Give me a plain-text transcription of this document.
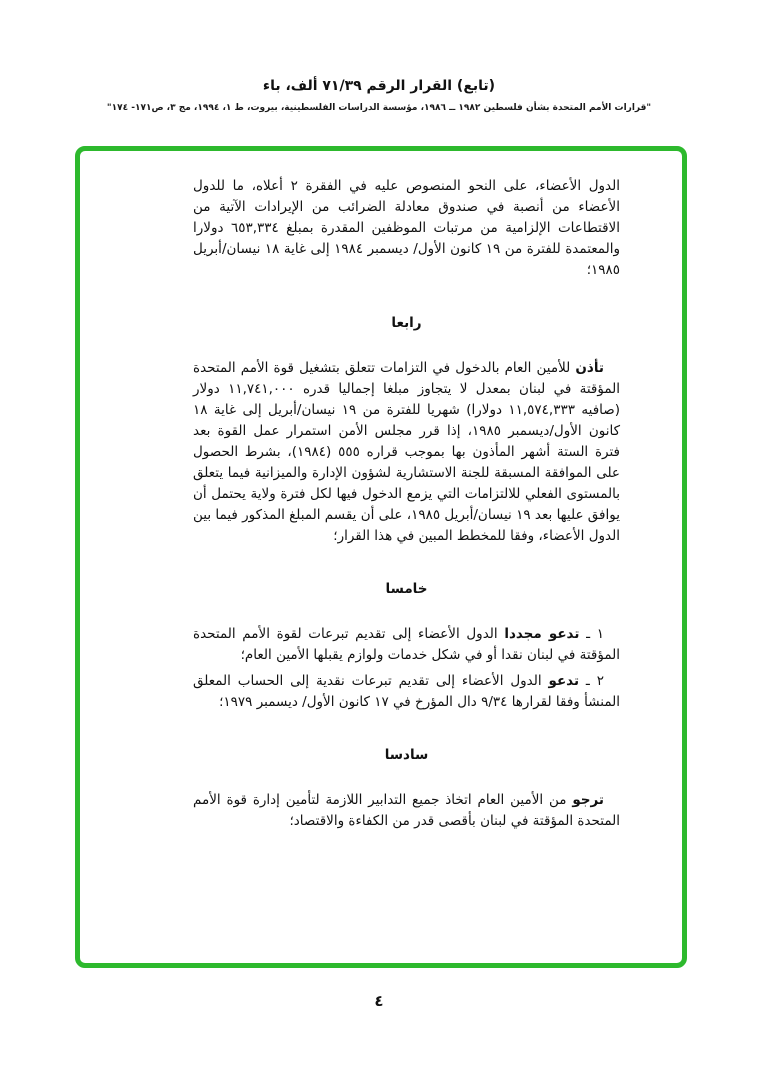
(تابع) القرار الرقم ٧١/٣٩ ألف، باء
"قرارات الأمم المتحدة بشأن فلسطين ١٩٨٢ ــ ١٩٨٦، مؤسسة الدراسات الفلسطينية، بيروت، ط ١، ١٩٩٤، مج ٣، ص١٧١- ١٧٤"

الدول الأعضاء، على النحو المنصوص عليه في الفقرة ٢ أعلاه، ما للدول الأعضاء من أنصبة في صندوق معادلة الضرائب من الإيرادات الآتية من الاقتطاعات الإلزامية من مرتبات الموظفين المقدرة بمبلغ ٦٥٣,٣٣٤ دولارا والمعتمدة للفترة من ١٩ كانون الأول/ ديسمبر ١٩٨٤ إلى غاية ١٨ نيسان/أبريل ١٩٨٥؛

رابعا

تأذن للأمين العام بالدخول في التزامات تتعلق بتشغيل قوة الأمم المتحدة المؤقتة في لبنان بمعدل لا يتجاوز مبلغا إجماليا قدره ١١,٧٤١,٠٠٠ دولار (صافيه ١١,٥٧٤,٣٣٣ دولارا) شهريا للفترة من ١٩ نيسان/أبريل إلى غاية ١٨ كانون الأول/ديسمبر ١٩٨٥، إذا قرر مجلس الأمن استمرار عمل القوة بعد فترة الستة أشهر المأذون بها بموجب قراره ٥٥٥ (١٩٨٤)، بشرط الحصول على الموافقة المسبقة للجنة الاستشارية لشؤون الإدارة والميزانية فيما يتعلق بالمستوى الفعلي للالتزامات التي يزمع الدخول فيها لكل فترة ولاية يحتمل أن يوافق عليها بعد ١٩ نيسان/أبريل ١٩٨٥، على أن يقسم المبلغ المذكور فيما بين الدول الأعضاء، وفقا للمخطط المبين في هذا القرار؛

خامسا

١ ـ تدعو مجددا الدول الأعضاء إلى تقديم تبرعات لقوة الأمم المتحدة المؤقتة في لبنان نقدا أو في شكل خدمات ولوازم يقبلها الأمين العام؛

٢ ـ تدعو الدول الأعضاء إلى تقديم تبرعات نقدية إلى الحساب المعلق المنشأ وفقا لقرارها ٩/٣٤ دال المؤرخ في ١٧ كانون الأول/ ديسمبر ١٩٧٩؛

سادسا

ترجو من الأمين العام اتخاذ جميع التدابير اللازمة لتأمين إدارة قوة الأمم المتحدة المؤقتة في لبنان بأقصى قدر من الكفاءة والاقتصاد؛

٤
